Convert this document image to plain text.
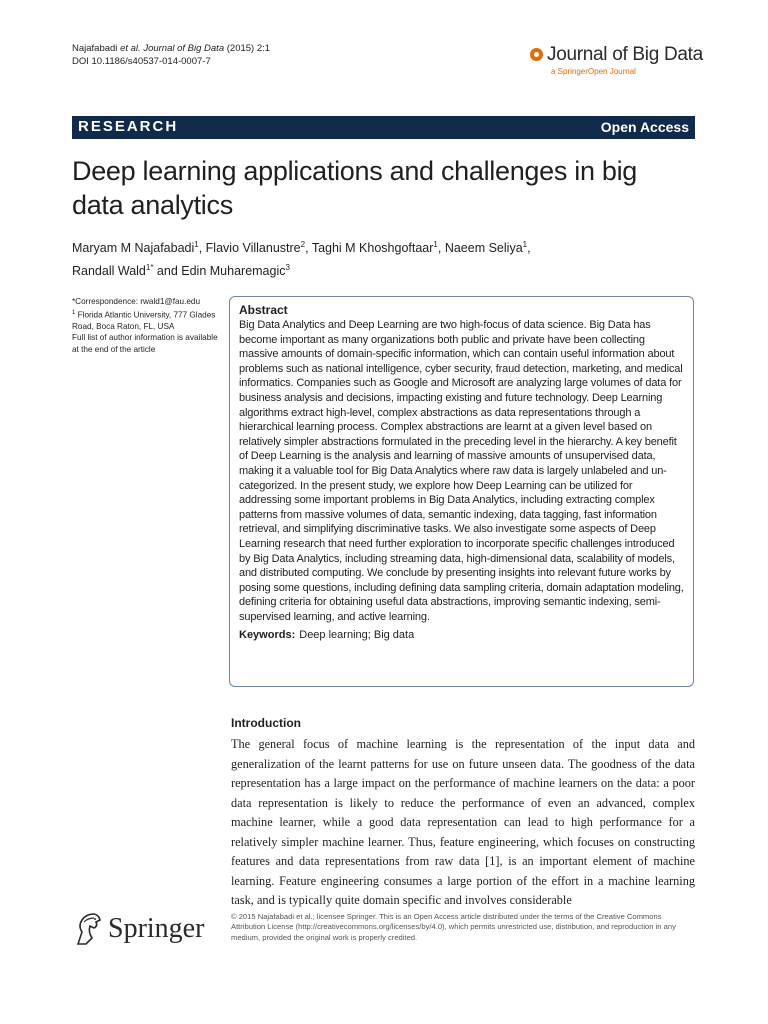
Najafabadi et al. Journal of Big Data (2015) 2:1
DOI 10.1186/s40537-014-0007-7	Journal of Big Data
a SpringerOpen Journal
RESEARCH	Open Access
Deep learning applications and challenges in big data analytics
Maryam M Najafabadi$^1$, Flavio Villanustre$^2$, Taghi M Khoshgoftaar$^1$, Naeem Seliya$^1$,
Randall Wald$^{1*}$ and Edin Muharemagic$^3$
*Correspondence: rwald1@fau.edu
$^1$ Florida Atlantic University, 777 Glades Road, Boca Raton, FL, USA
Full list of author information is available at the end of the article
Abstract
Big Data Analytics and Deep Learning are two high-focus of data science. Big Data has become important as many organizations both public and private have been collecting massive amounts of domain-specific information, which can contain useful information about problems such as national intelligence, cyber security, fraud detection, marketing, and medical informatics. Companies such as Google and Microsoft are analyzing large volumes of data for business analysis and decisions, impacting existing and future technology. Deep Learning algorithms extract high-level, complex abstractions as data representations through a hierarchical learning process. Complex abstractions are learnt at a given level based on relatively simpler abstractions formulated in the preceding level in the hierarchy. A key benefit of Deep Learning is the analysis and learning of massive amounts of unsupervised data, making it a valuable tool for Big Data Analytics where raw data is largely unlabeled and un-categorized. In the present study, we explore how Deep Learning can be utilized for addressing some important problems in Big Data Analytics, including extracting complex patterns from massive volumes of data, semantic indexing, data tagging, fast information retrieval, and simplifying discriminative tasks. We also investigate some aspects of Deep Learning research that need further exploration to incorporate specific challenges introduced by Big Data Analytics, including streaming data, high-dimensional data, scalability of models, and distributed computing. We conclude by presenting insights into relevant future works by posing some questions, including defining data sampling criteria, domain adaptation modeling, defining criteria for obtaining useful data abstractions, improving semantic indexing, semi-supervised learning, and active learning.
Keywords: Deep learning; Big data
Introduction
The general focus of machine learning is the representation of the input data and generalization of the learnt patterns for use on future unseen data. The goodness of the data representation has a large impact on the performance of machine learners on the data: a poor data representation is likely to reduce the performance of even an advanced, complex machine learner, while a good data representation can lead to high performance for a relatively simpler machine learner. Thus, feature engineering, which focuses on constructing features and data representations from raw data [1], is an important element of machine learning. Feature engineering consumes a large portion of the effort in a machine learning task, and is typically quite domain specific and involves considerable
Springer	© 2015 Najafabadi et al.; licensee Springer. This is an Open Access article distributed under the terms of the Creative Commons Attribution License (http://creativecommons.org/licenses/by/4.0), which permits unrestricted use, distribution, and reproduction in any medium, provided the original work is properly credited.
